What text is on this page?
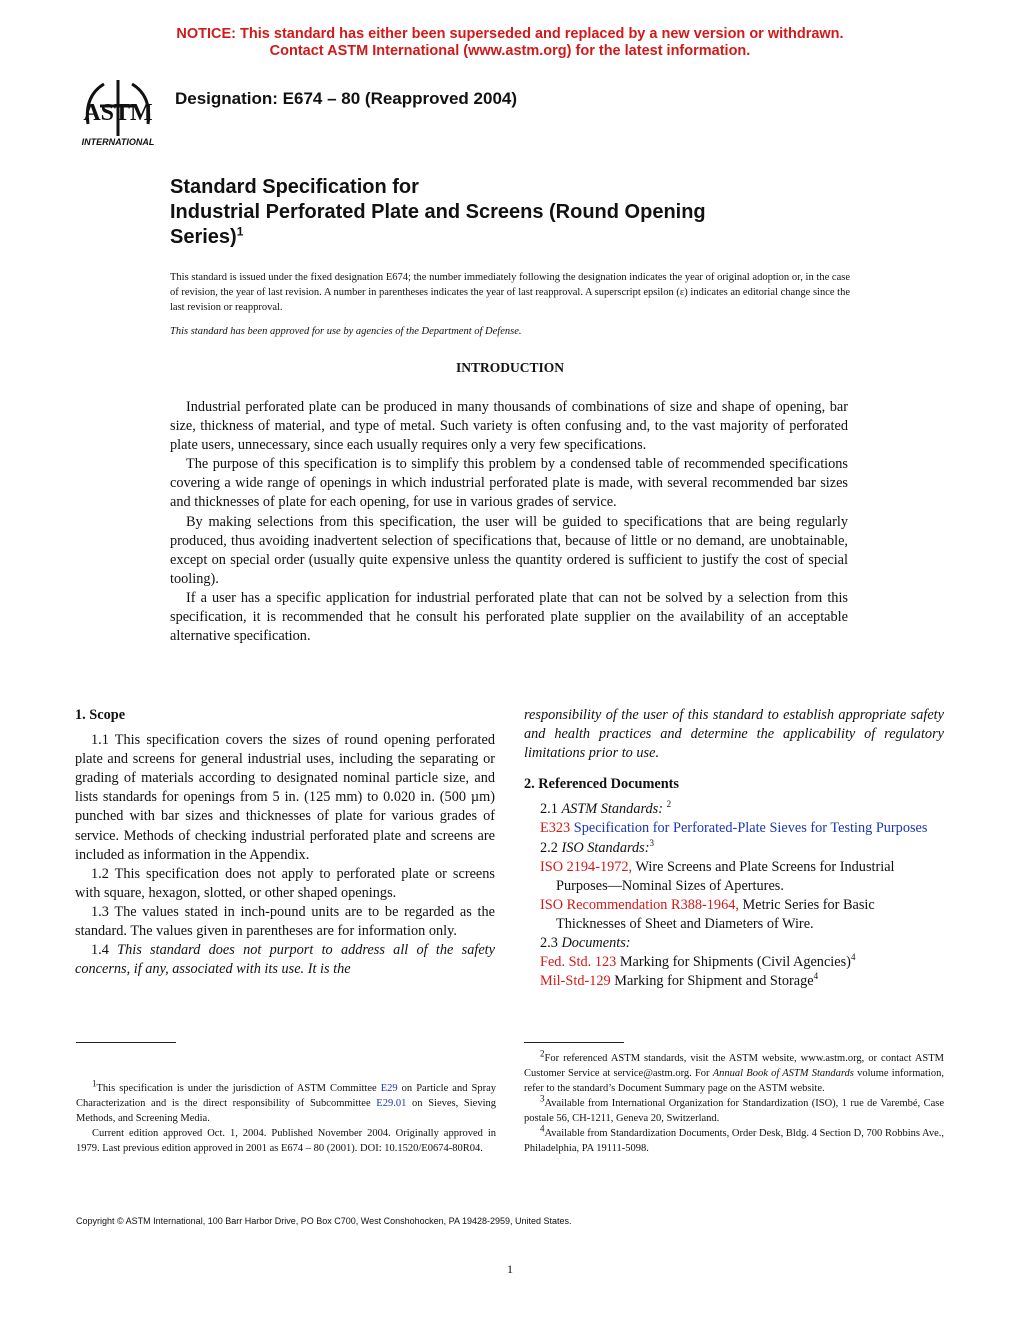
NOTICE: This standard has either been superseded and replaced by a new version or withdrawn.
Contact ASTM International (www.astm.org) for the latest information.
ASTM
INTERNATIONAL
Designation: E674 – 80 (Reapproved 2004)
Standard Specification for
Industrial Perforated Plate and Screens (Round Opening
Series)$^1$
This standard is issued under the fixed designation E674; the number immediately following the designation indicates the year of original adoption or, in the case of revision, the year of last revision. A number in parentheses indicates the year of last reapproval. A superscript epsilon (ε) indicates an editorial change since the last revision or reapproval.
This standard has been approved for use by agencies of the Department of Defense.
INTRODUCTION

Industrial perforated plate can be produced in many thousands of combinations of size and shape of opening, bar size, thickness of material, and type of metal. Such variety is often confusing and, to the vast majority of perforated plate users, unnecessary, since each usually requires only a very few specifications.

The purpose of this specification is to simplify this problem by a condensed table of recommended specifications covering a wide range of openings in which industrial perforated plate is made, with several recommended bar sizes and thicknesses of plate for each opening, for use in various grades of service.

By making selections from this specification, the user will be guided to specifications that are being regularly produced, thus avoiding inadvertent selection of specifications that, because of little or no demand, are unobtainable, except on special order (usually quite expensive unless the quantity ordered is sufficient to justify the cost of special tooling).

If a user has a specific application for industrial perforated plate that can not be solved by a selection from this specification, it is recommended that he consult his perforated plate supplier on the availability of an acceptable alternative specification.

1. Scope

1.1 This specification covers the sizes of round opening perforated plate and screens for general industrial uses, including the separating or grading of materials according to designated nominal particle size, and lists standards for openings from 5 in. (125 mm) to 0.020 in. (500 µm) punched with bar sizes and thicknesses of plate for various grades of service. Methods of checking industrial perforated plate and screens are included as information in the Appendix.

1.2 This specification does not apply to perforated plate or screens with square, hexagon, slotted, or other shaped openings.

1.3 The values stated in inch-pound units are to be regarded as the standard. The values given in parentheses are for information only.

1.4 This standard does not purport to address all of the safety concerns, if any, associated with its use. It is the

responsibility of the user of this standard to establish appropriate safety and health practices and determine the applicability of regulatory limitations prior to use.

2. Referenced Documents

2.1 ASTM Standards: $^2$

E323 Specification for Perforated-Plate Sieves for Testing Purposes

2.2 ISO Standards:$^3$

ISO 2194-1972, Wire Screens and Plate Screens for Industrial Purposes—Nominal Sizes of Apertures.

ISO Recommendation R388-1964, Metric Series for Basic Thicknesses of Sheet and Diameters of Wire.

2.3 Documents:

Fed. Std. 123 Marking for Shipments (Civil Agencies)$^4$

Mil-Std-129 Marking for Shipment and Storage$^4$

$^1$This specification is under the jurisdiction of ASTM Committee E29 on Particle and Spray Characterization and is the direct responsibility of Subcommittee E29.01 on Sieves, Sieving Methods, and Screening Media.

Current edition approved Oct. 1, 2004. Published November 2004. Originally approved in 1979. Last previous edition approved in 2001 as E674 – 80 (2001). DOI: 10.1520/E0674-80R04.

$^2$For referenced ASTM standards, visit the ASTM website, www.astm.org, or contact ASTM Customer Service at service@astm.org. For Annual Book of ASTM Standards volume information, refer to the standard’s Document Summary page on the ASTM website.

$^3$Available from International Organization for Standardization (ISO), 1 rue de Varembé, Case postale 56, CH-1211, Geneva 20, Switzerland.

$^4$Available from Standardization Documents, Order Desk, Bldg. 4 Section D, 700 Robbins Ave., Philadelphia, PA 19111-5098.

Copyright © ASTM International, 100 Barr Harbor Drive, PO Box C700, West Conshohocken, PA 19428-2959, United States.
1
